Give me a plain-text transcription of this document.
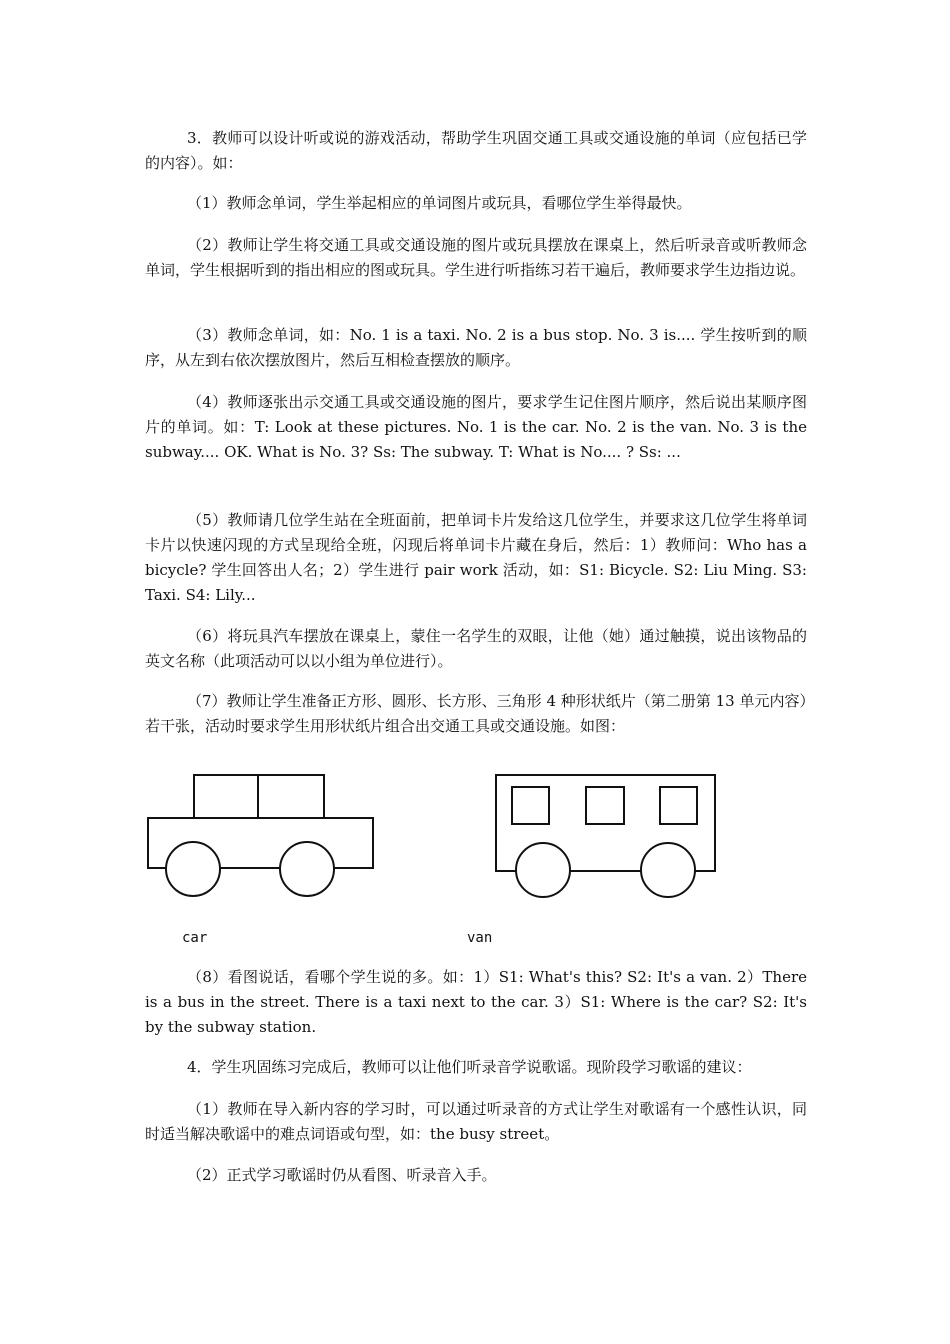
3．教师可以设计听或说的游戏活动，帮助学生巩固交通工具或交通设施的单词（应包括已学的内容）。如：

（1）教师念单词，学生举起相应的单词图片或玩具，看哪位学生举得最快。

（2）教师让学生将交通工具或交通设施的图片或玩具摆放在课桌上，然后听录音或听教师念单词，学生根据听到的指出相应的图或玩具。学生进行听指练习若干遍后，教师要求学生边指边说。

（3）教师念单词，如：No. 1 is a taxi. No. 2 is a bus stop. No. 3 is.... 学生按听到的顺序，从左到右依次摆放图片，然后互相检查摆放的顺序。

（4）教师逐张出示交通工具或交通设施的图片，要求学生记住图片顺序，然后说出某顺序图片的单词。如：T: Look at these pictures. No. 1 is the car. No. 2 is the van. No. 3 is the subway.... OK. What is No. 3? Ss: The subway. T: What is No.... ? Ss: ...

（5）教师请几位学生站在全班面前，把单词卡片发给这几位学生，并要求这几位学生将单词卡片以快速闪现的方式呈现给全班，闪现后将单词卡片藏在身后，然后：1）教师问：Who has a bicycle? 学生回答出人名；2）学生进行 pair work 活动，如：S1: Bicycle. S2: Liu Ming. S3: Taxi. S4: Lily...

（6）将玩具汽车摆放在课桌上，蒙住一名学生的双眼，让他（她）通过触摸，说出该物品的英文名称（此项活动可以以小组为单位进行）。

（7）教师让学生准备正方形、圆形、长方形、三角形 4 种形状纸片（第二册第 13 单元内容）若干张，活动时要求学生用形状纸片组合出交通工具或交通设施。如图：

car	van

（8）看图说话，看哪个学生说的多。如：1）S1: What's this? S2: It's a van. 2）There is a bus in the street. There is a taxi next to the car. 3）S1: Where is the car? S2: It's by the subway station.

4．学生巩固练习完成后，教师可以让他们听录音学说歌谣。现阶段学习歌谣的建议：

（1）教师在导入新内容的学习时，可以通过听录音的方式让学生对歌谣有一个感性认识，同时适当解决歌谣中的难点词语或句型，如：the busy street。

（2）正式学习歌谣时仍从看图、听录音入手。
